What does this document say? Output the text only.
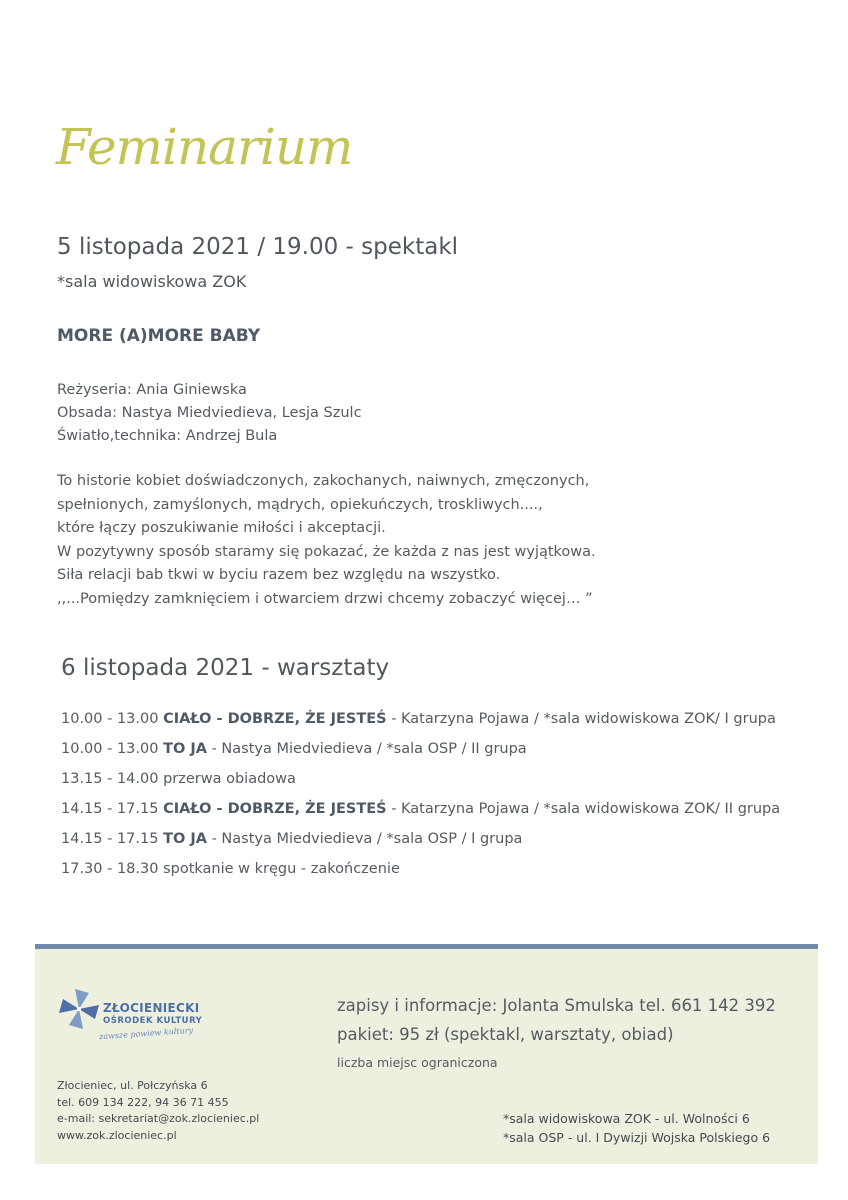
Feminarium
5 listopada 2021 / 19.00 - spektakl
*sala widowiskowa ZOK
MORE (A)MORE BABY
Reżyseria: Ania Giniewska
Obsada: Nastya Miedviedieva, Lesja Szulc
Światło,technika: Andrzej Bula
To historie kobiet doświadczonych, zakochanych, naiwnych, zmęczonych,
spełnionych, zamyślonych, mądrych, opiekuńczych, troskliwych....,
które łączy poszukiwanie miłości i akceptacji.
W pozytywny sposób staramy się pokazać, że każda z nas jest wyjątkowa.
Siła relacji bab tkwi w byciu razem bez względu na wszystko.
,,...Pomiędzy zamknięciem i otwarciem drzwi chcemy zobaczyć więcej… ”
6 listopada 2021 - warsztaty
10.00 - 13.00 CIAŁO - DOBRZE, ŻE JESTEŚ - Katarzyna Pojawa / *sala widowiskowa ZOK/ I grupa
10.00 - 13.00 TO JA - Nastya Miedviedieva / *sala OSP / II grupa
13.15 - 14.00 przerwa obiadowa
14.15 - 17.15 CIAŁO - DOBRZE, ŻE JESTEŚ - Katarzyna Pojawa / *sala widowiskowa ZOK/ II grupa
14.15 - 17.15 TO JA - Nastya Miedviedieva / *sala OSP / I grupa
17.30 - 18.30 spotkanie w kręgu - zakończenie
ZŁOCIENIECKI
OŚRODEK KULTURY
zawsze powiew kultury
Złocieniec, ul. Połczyńska 6
tel. 609 134 222, 94 36 71 455
e-mail: sekretariat@zok.zlocieniec.pl
www.zok.zlocieniec.pl
zapisy i informacje: Jolanta Smulska tel. 661 142 392
pakiet: 95 zł (spektakl, warsztaty, obiad)
liczba miejsc ograniczona
*sala widowiskowa ZOK - ul. Wolności 6
*sala OSP - ul. I Dywizji Wojska Polskiego 6
